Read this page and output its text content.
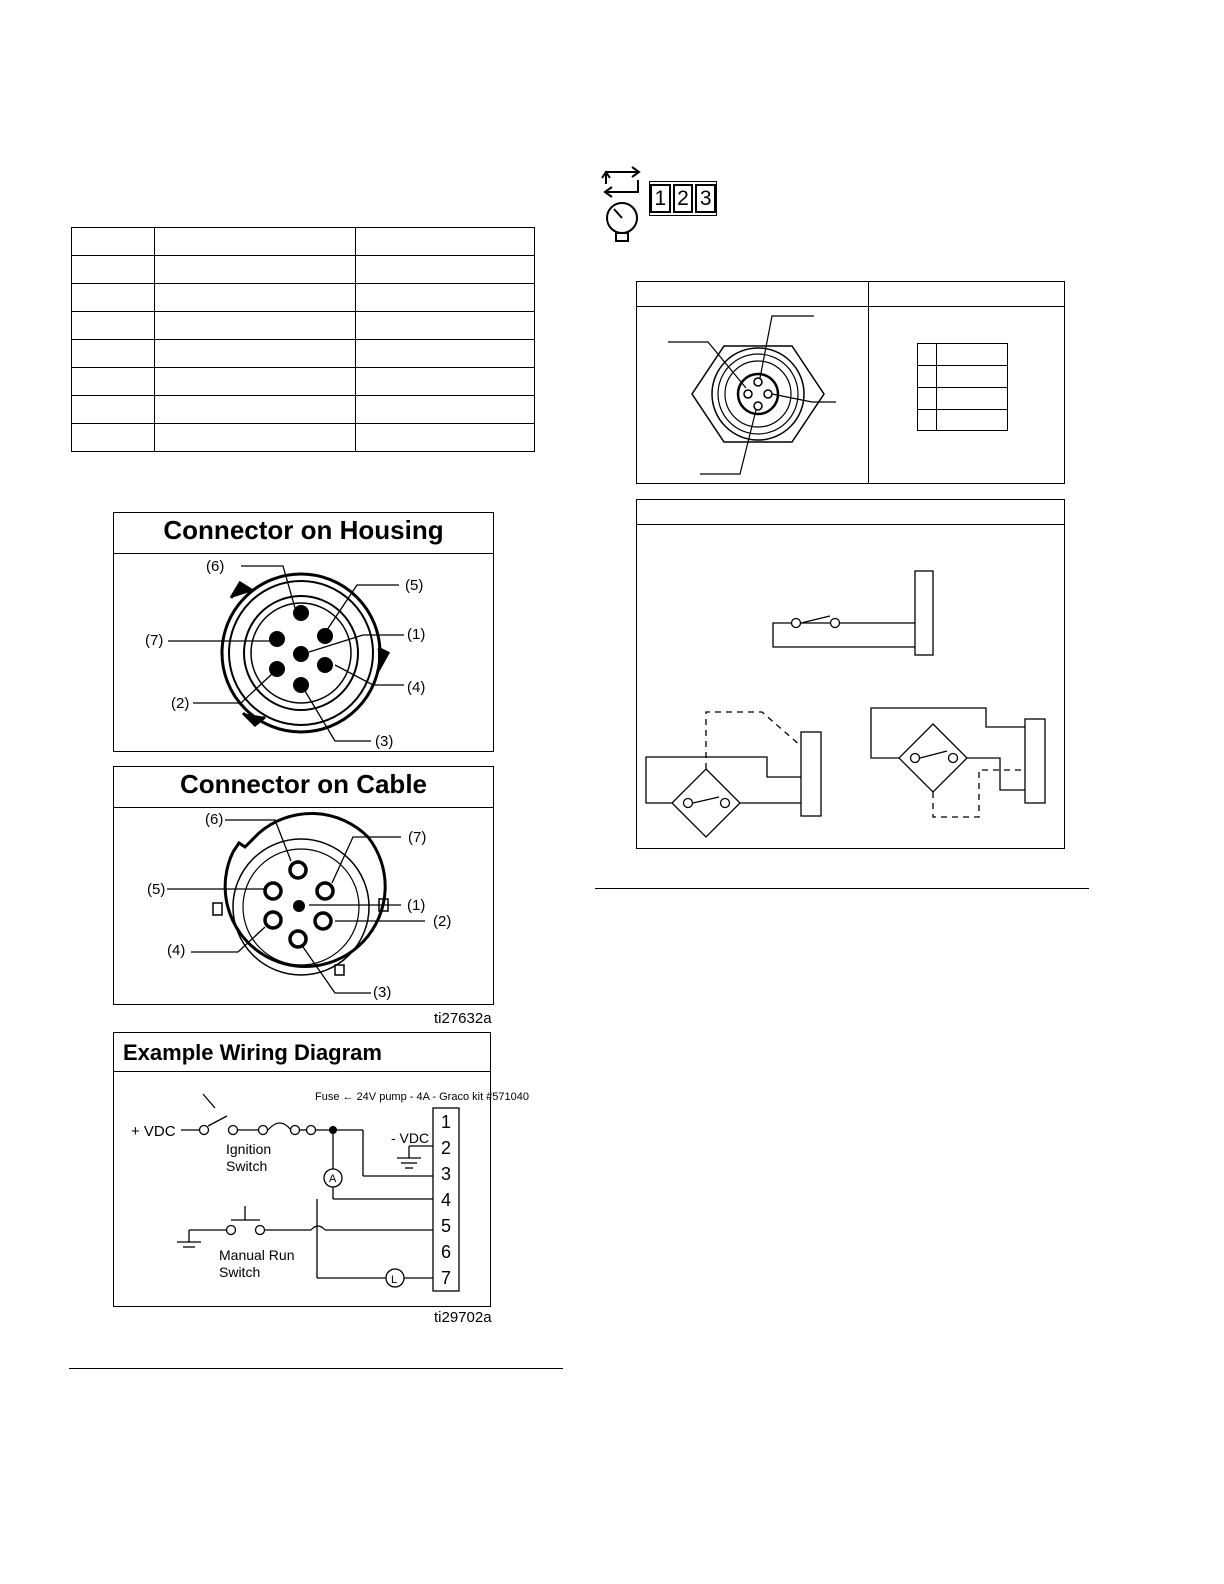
Connector on Housing
(6)
(5)
(7)	(1)
(4)
(2)
(3)
Connector on Cable
(6)
(7)
(5)
(1)
(2)
(4)
(3)
ti27632a
Example Wiring Diagram
Fuse ← 24V pump - 4A - Graco kit #571040
+ VDC	- VDC
Ignition
Switch
Manual Run
Switch
A
L
1
2
3
4
5
6
7
ti29702a
1 2 3
